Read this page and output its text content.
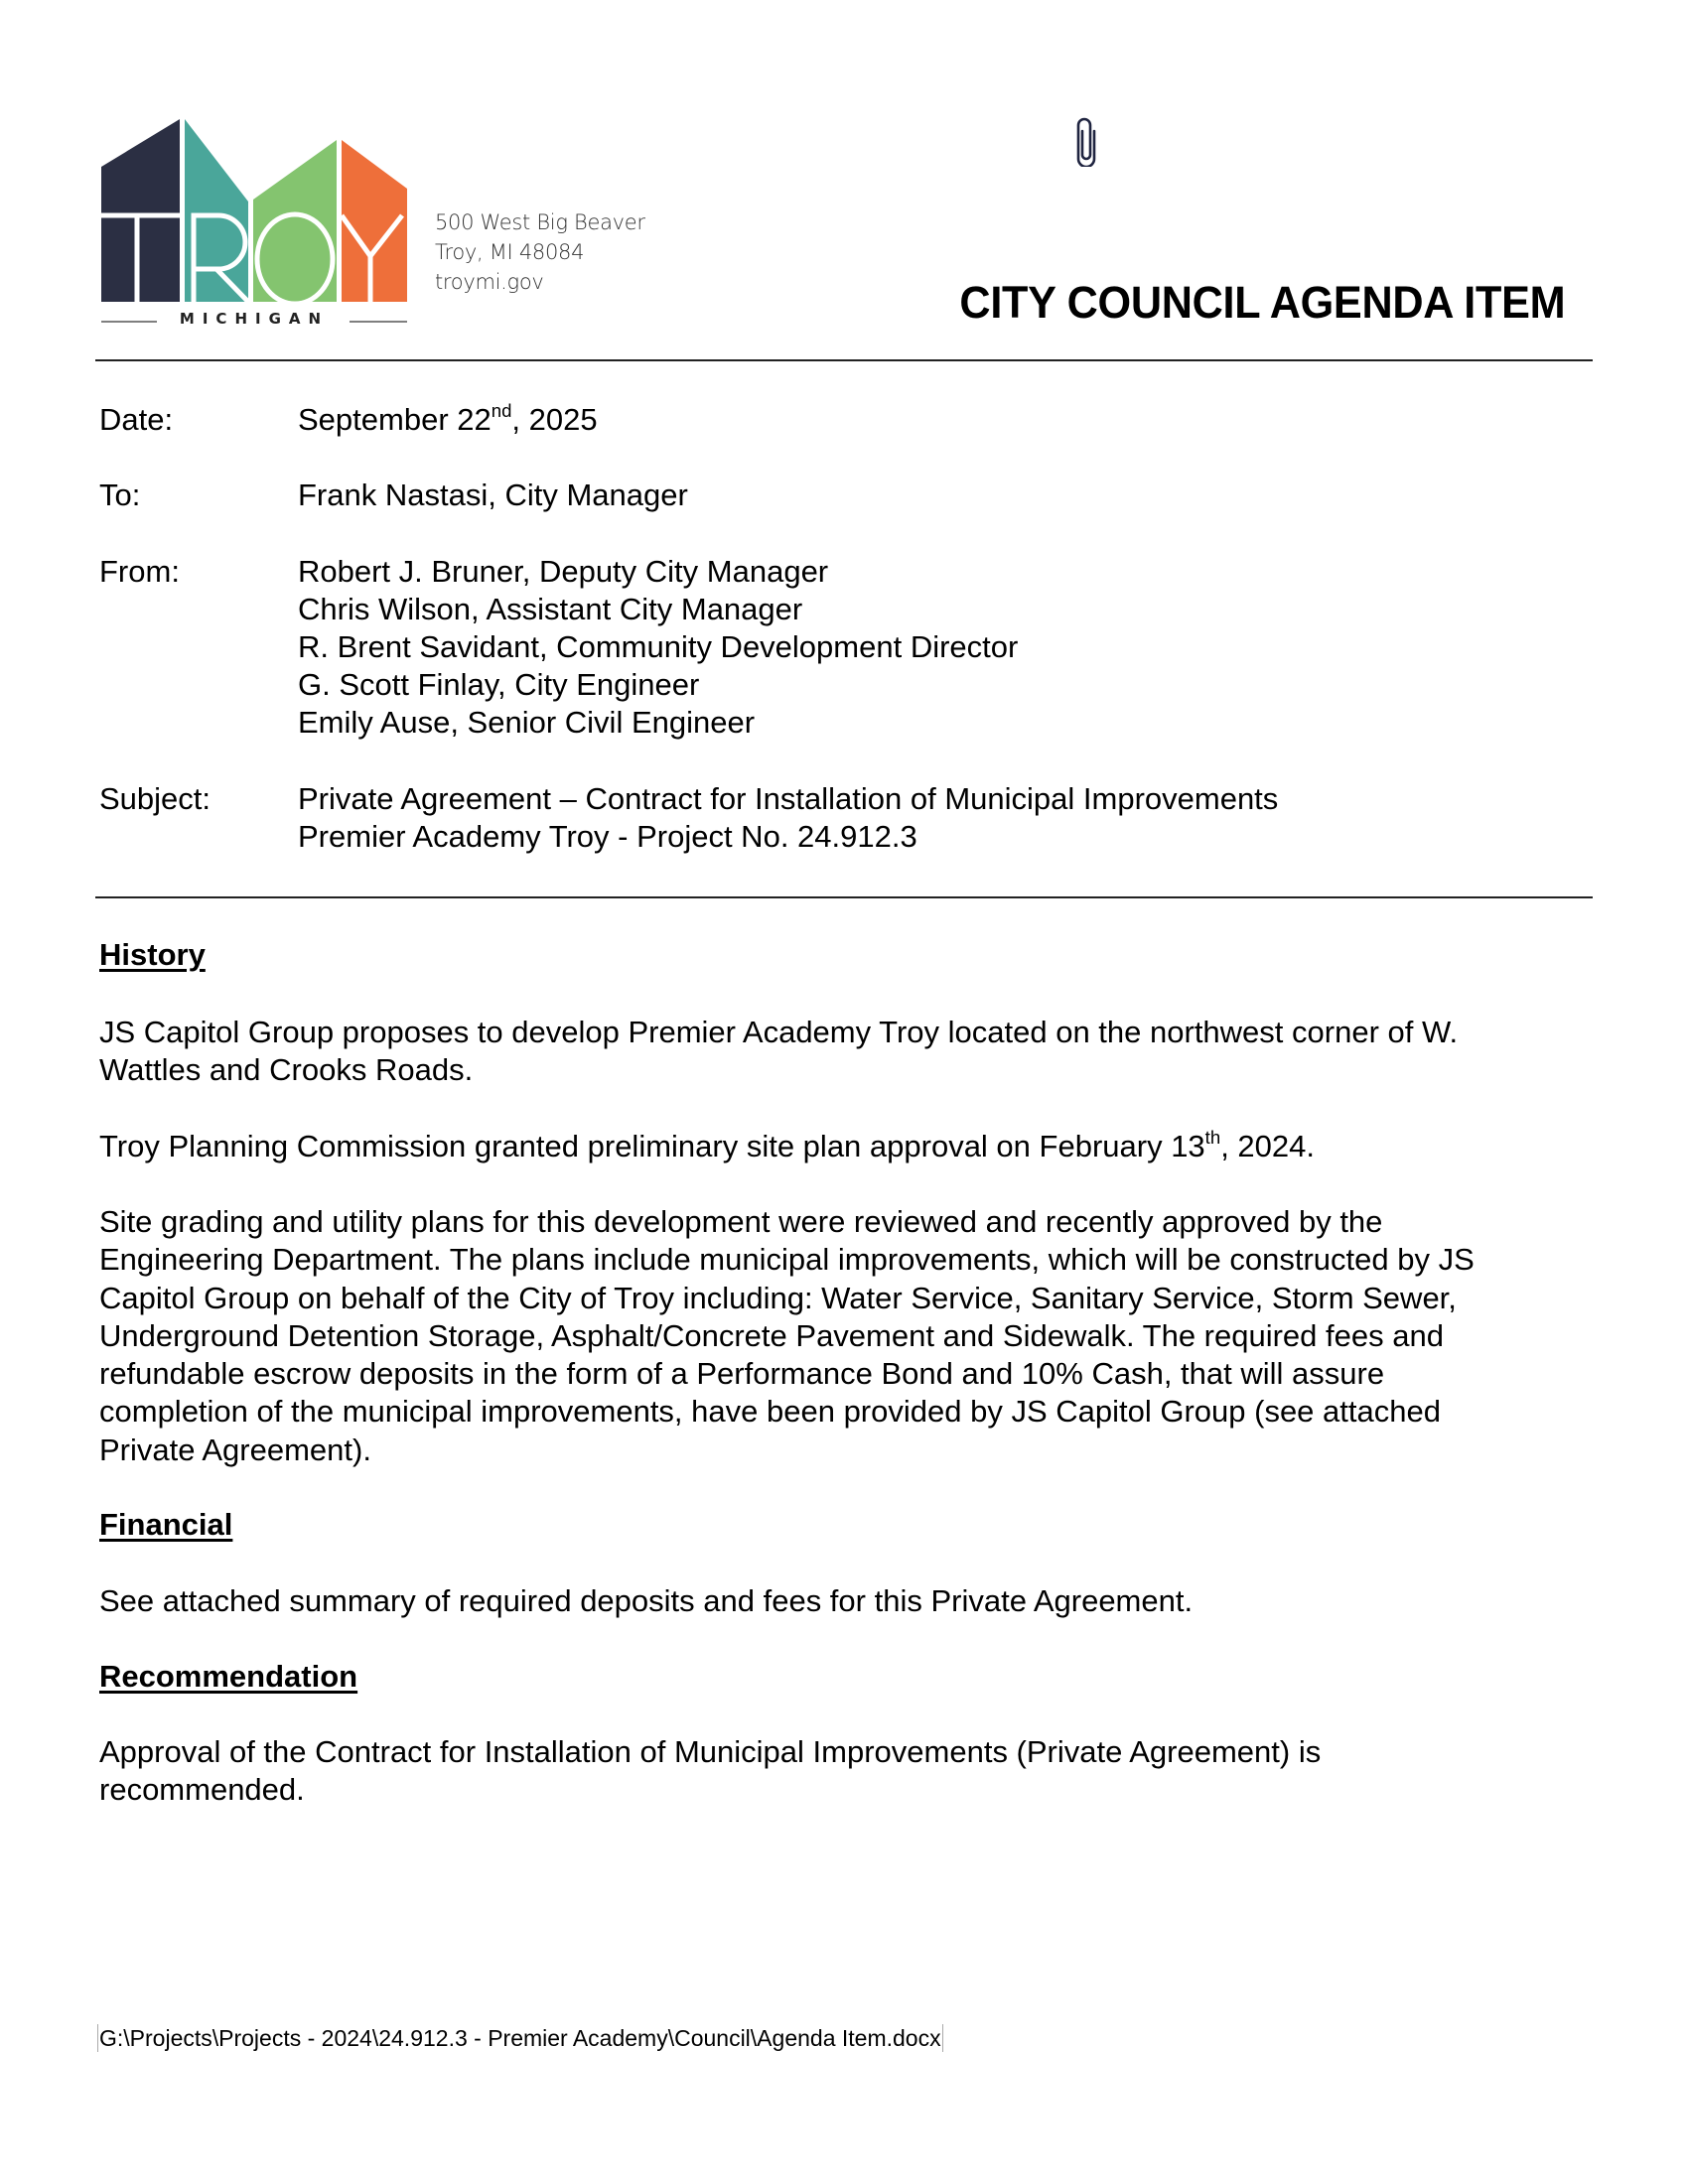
MICHIGAN
500 West Big Beaver
Troy, MI 48084
troymi.gov	CITY COUNCIL AGENDA ITEM
Date:	September 22nd, 2025
To:	Frank Nastasi, City Manager
From:	Robert J. Bruner, Deputy City Manager
Chris Wilson, Assistant City Manager
R. Brent Savidant, Community Development Director
G. Scott Finlay, City Engineer
Emily Ause, Senior Civil Engineer
Subject:	Private Agreement – Contract for Installation of Municipal Improvements
Premier Academy Troy - Project No. 24.912.3
History
JS Capitol Group proposes to develop Premier Academy Troy located on the northwest corner of W.
Wattles and Crooks Roads.
Troy Planning Commission granted preliminary site plan approval on February 13th, 2024.
Site grading and utility plans for this development were reviewed and recently approved by the
Engineering Department. The plans include municipal improvements, which will be constructed by JS
Capitol Group on behalf of the City of Troy including: Water Service, Sanitary Service, Storm Sewer,
Underground Detention Storage, Asphalt/Concrete Pavement and Sidewalk. The required fees and
refundable escrow deposits in the form of a Performance Bond and 10% Cash, that will assure
completion of the municipal improvements, have been provided by JS Capitol Group (see attached
Private Agreement).
Financial
See attached summary of required deposits and fees for this Private Agreement.
Recommendation
Approval of the Contract for Installation of Municipal Improvements (Private Agreement) is
recommended.
G:\Projects\Projects - 2024\24.912.3 - Premier Academy\Council\Agenda Item.docx
